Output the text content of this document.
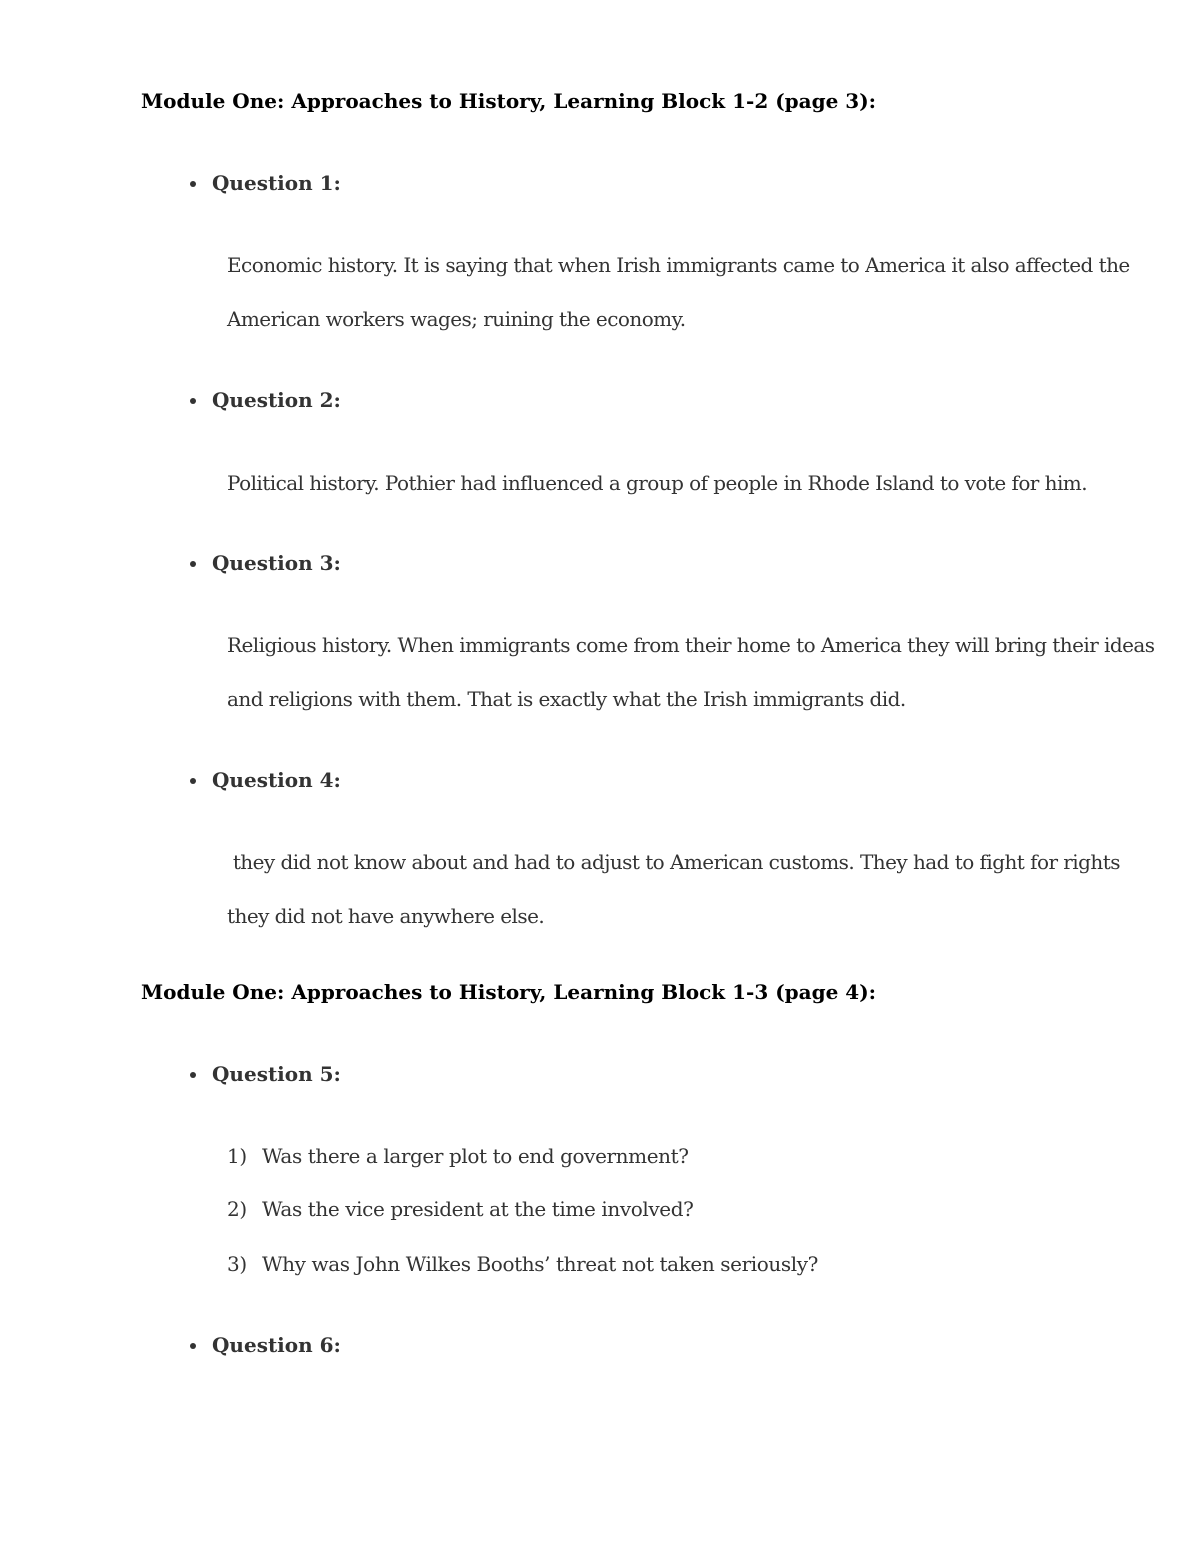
Module One: Approaches to History, Learning Block 1-2 (page 3):
Question 1:
Economic history. It is saying that when Irish immigrants came to America it also affected the American workers wages; ruining the economy.
Question 2:
Political history. Pothier had influenced a group of people in Rhode Island to vote for him.
Question 3:
Religious history. When immigrants come from their home to America they will bring their ideas and religions with them. That is exactly what the Irish immigrants did.
Question 4:
they did not know about and had to adjust to American customs. They had to fight for rights they did not have anywhere else.
Module One: Approaches to History, Learning Block 1-3 (page 4):
Question 5:
1) Was there a larger plot to end government?
2) Was the vice president at the time involved?
3) Why was John Wilkes Booths’ threat not taken seriously?
Question 6:
